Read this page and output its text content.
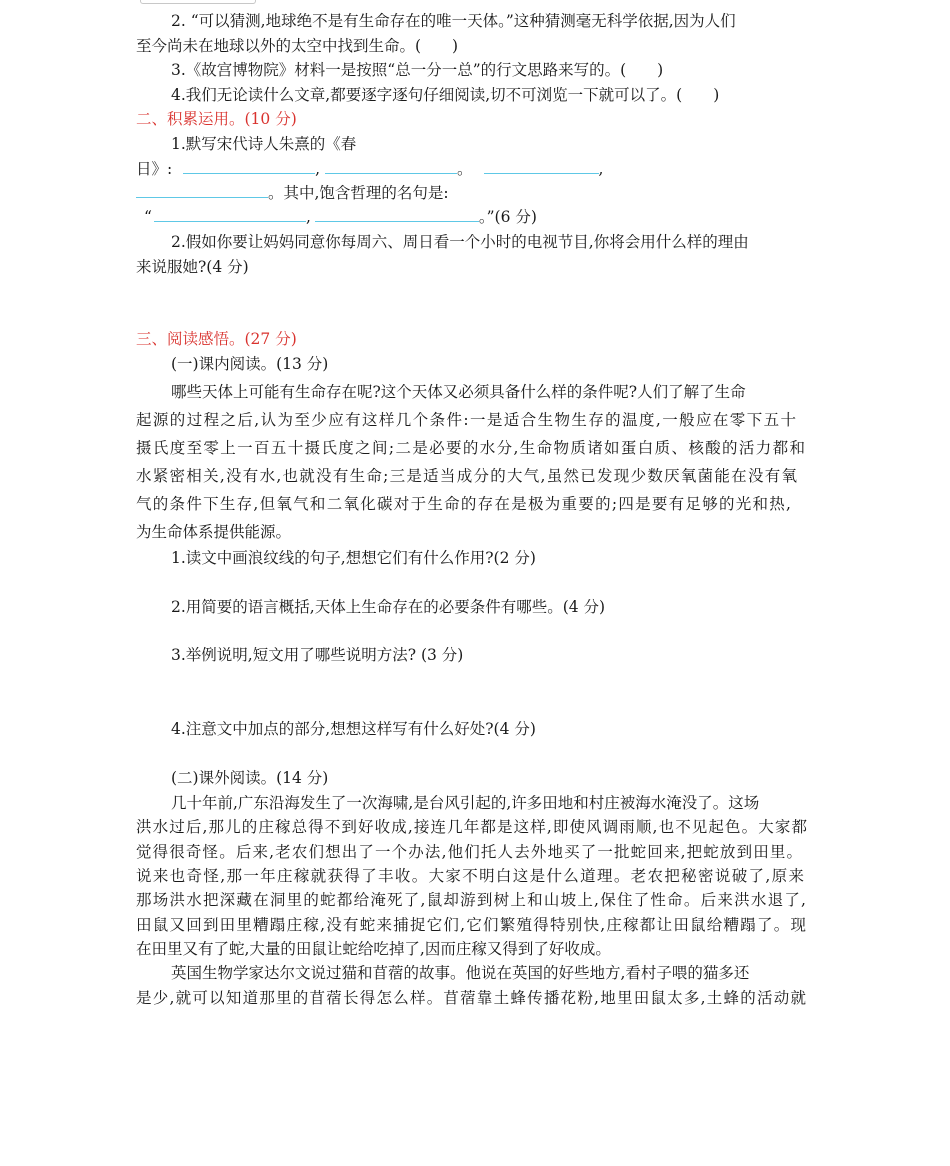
2. “可以猜测,地球绝不是有生命存在的唯一天体。”这种猜测毫无科学依据,因为人们
至今尚未在地球以外的太空中找到生命。(　　)
3.《故宫博物院》材料一是按照“总一分一总”的行文思路来写的。(　　)
4.我们无论读什么文章,都要逐字逐句仔细阅读,切不可浏览一下就可以了。(　　)
二、积累运用。(10 分)
1.默写宋代诗人朱熹的《春
日》:	,	。	,
。其中,饱含哲理的名句是:
“	,	。”(6 分)
2.假如你要让妈妈同意你每周六、周日看一个小时的电视节目,你将会用什么样的理由
来说服她?(4 分)
三、阅读感悟。(27 分)
(一)课内阅读。(13 分)
哪些天体上可能有生命存在呢?这个天体又必须具备什么样的条件呢?人们了解了生命
起源的过程之后,认为至少应有这样几个条件:一是适合生物生存的温度,一般应在零下五十
摄氏度至零上一百五十摄氏度之间;二是必要的水分,生命物质诸如蛋白质、核酸的活力都和
水紧密相关,没有水,也就没有生命;三是适当成分的大气,虽然已发现少数厌氧菌能在没有氧
气的条件下生存,但氧气和二氧化碳对于生命的存在是极为重要的;四是要有足够的光和热,
为生命体系提供能源。
1.读文中画浪纹线的句子,想想它们有什么作用?(2 分)
2.用简要的语言概括,天体上生命存在的必要条件有哪些。(4 分)
3.举例说明,短文用了哪些说明方法? (3 分)
4.注意文中加点的部分,想想这样写有什么好处?(4 分)
(二)课外阅读。(14 分)
几十年前,广东沿海发生了一次海啸,是台风引起的,许多田地和村庄被海水淹没了。这场
洪水过后,那儿的庄稼总得不到好收成,接连几年都是这样,即使风调雨顺,也不见起色。大家都
觉得很奇怪。后来,老农们想出了一个办法,他们托人去外地买了一批蛇回来,把蛇放到田里。
说来也奇怪,那一年庄稼就获得了丰收。大家不明白这是什么道理。老农把秘密说破了,原来
那场洪水把深藏在洞里的蛇都给淹死了,鼠却游到树上和山坡上,保住了性命。后来洪水退了,
田鼠又回到田里糟蹋庄稼,没有蛇来捕捉它们,它们繁殖得特别快,庄稼都让田鼠给糟蹋了。现
在田里又有了蛇,大量的田鼠让蛇给吃掉了,因而庄稼又得到了好收成。
英国生物学家达尔文说过猫和苜蓿的故事。他说在英国的好些地方,看村子喂的猫多还
是少,就可以知道那里的苜蓿长得怎么样。苜蓿靠土蜂传播花粉,地里田鼠太多,土蜂的活动就
